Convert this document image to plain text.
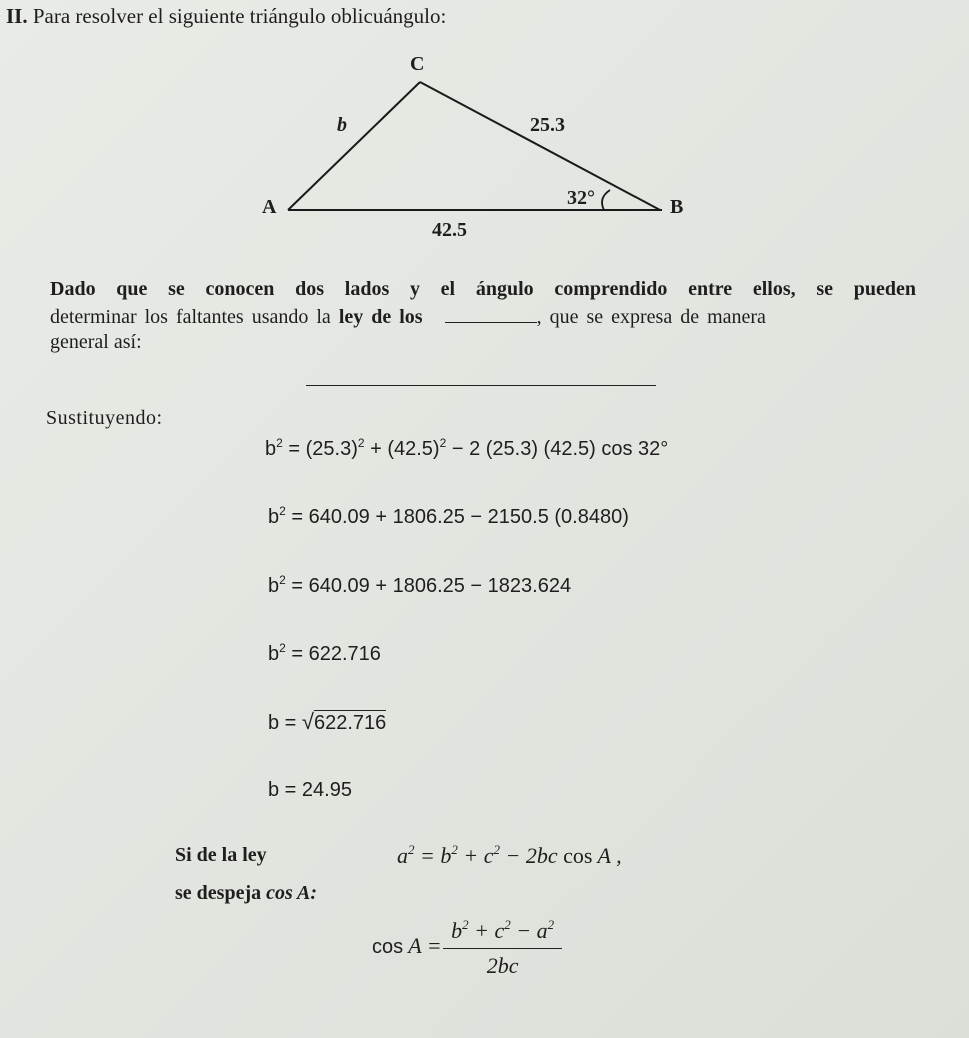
II. Para resolver el siguiente triángulo oblicuángulo:
C
b	25.3
32°
A	B
42.5
Dado que se conocen dos lados y el ángulo comprendido entre ellos, se pueden
determinar los faltantes usando la ley de los	, que se expresa de manera
general así:
Sustituyendo:
$b^2 = (25.3)^2 + (42.5)^2 - 2$ (25.3) (42.5) cos 32°
$b^2 = 640.09 + 1806.25 - 2150.5$ (0.8480)
$b^2 = 640.09 + 1806.25 - 1823.624$
$b^2 = 622.716$
b = √ 622.716
b = 24.95
Si de la ley	$a^2 = b^2 + c^2 - 2bc$ cos A ,
se despeja cos A:
$\cos A = \frac{b^2 + c^2 - a^2}{2bc}$
